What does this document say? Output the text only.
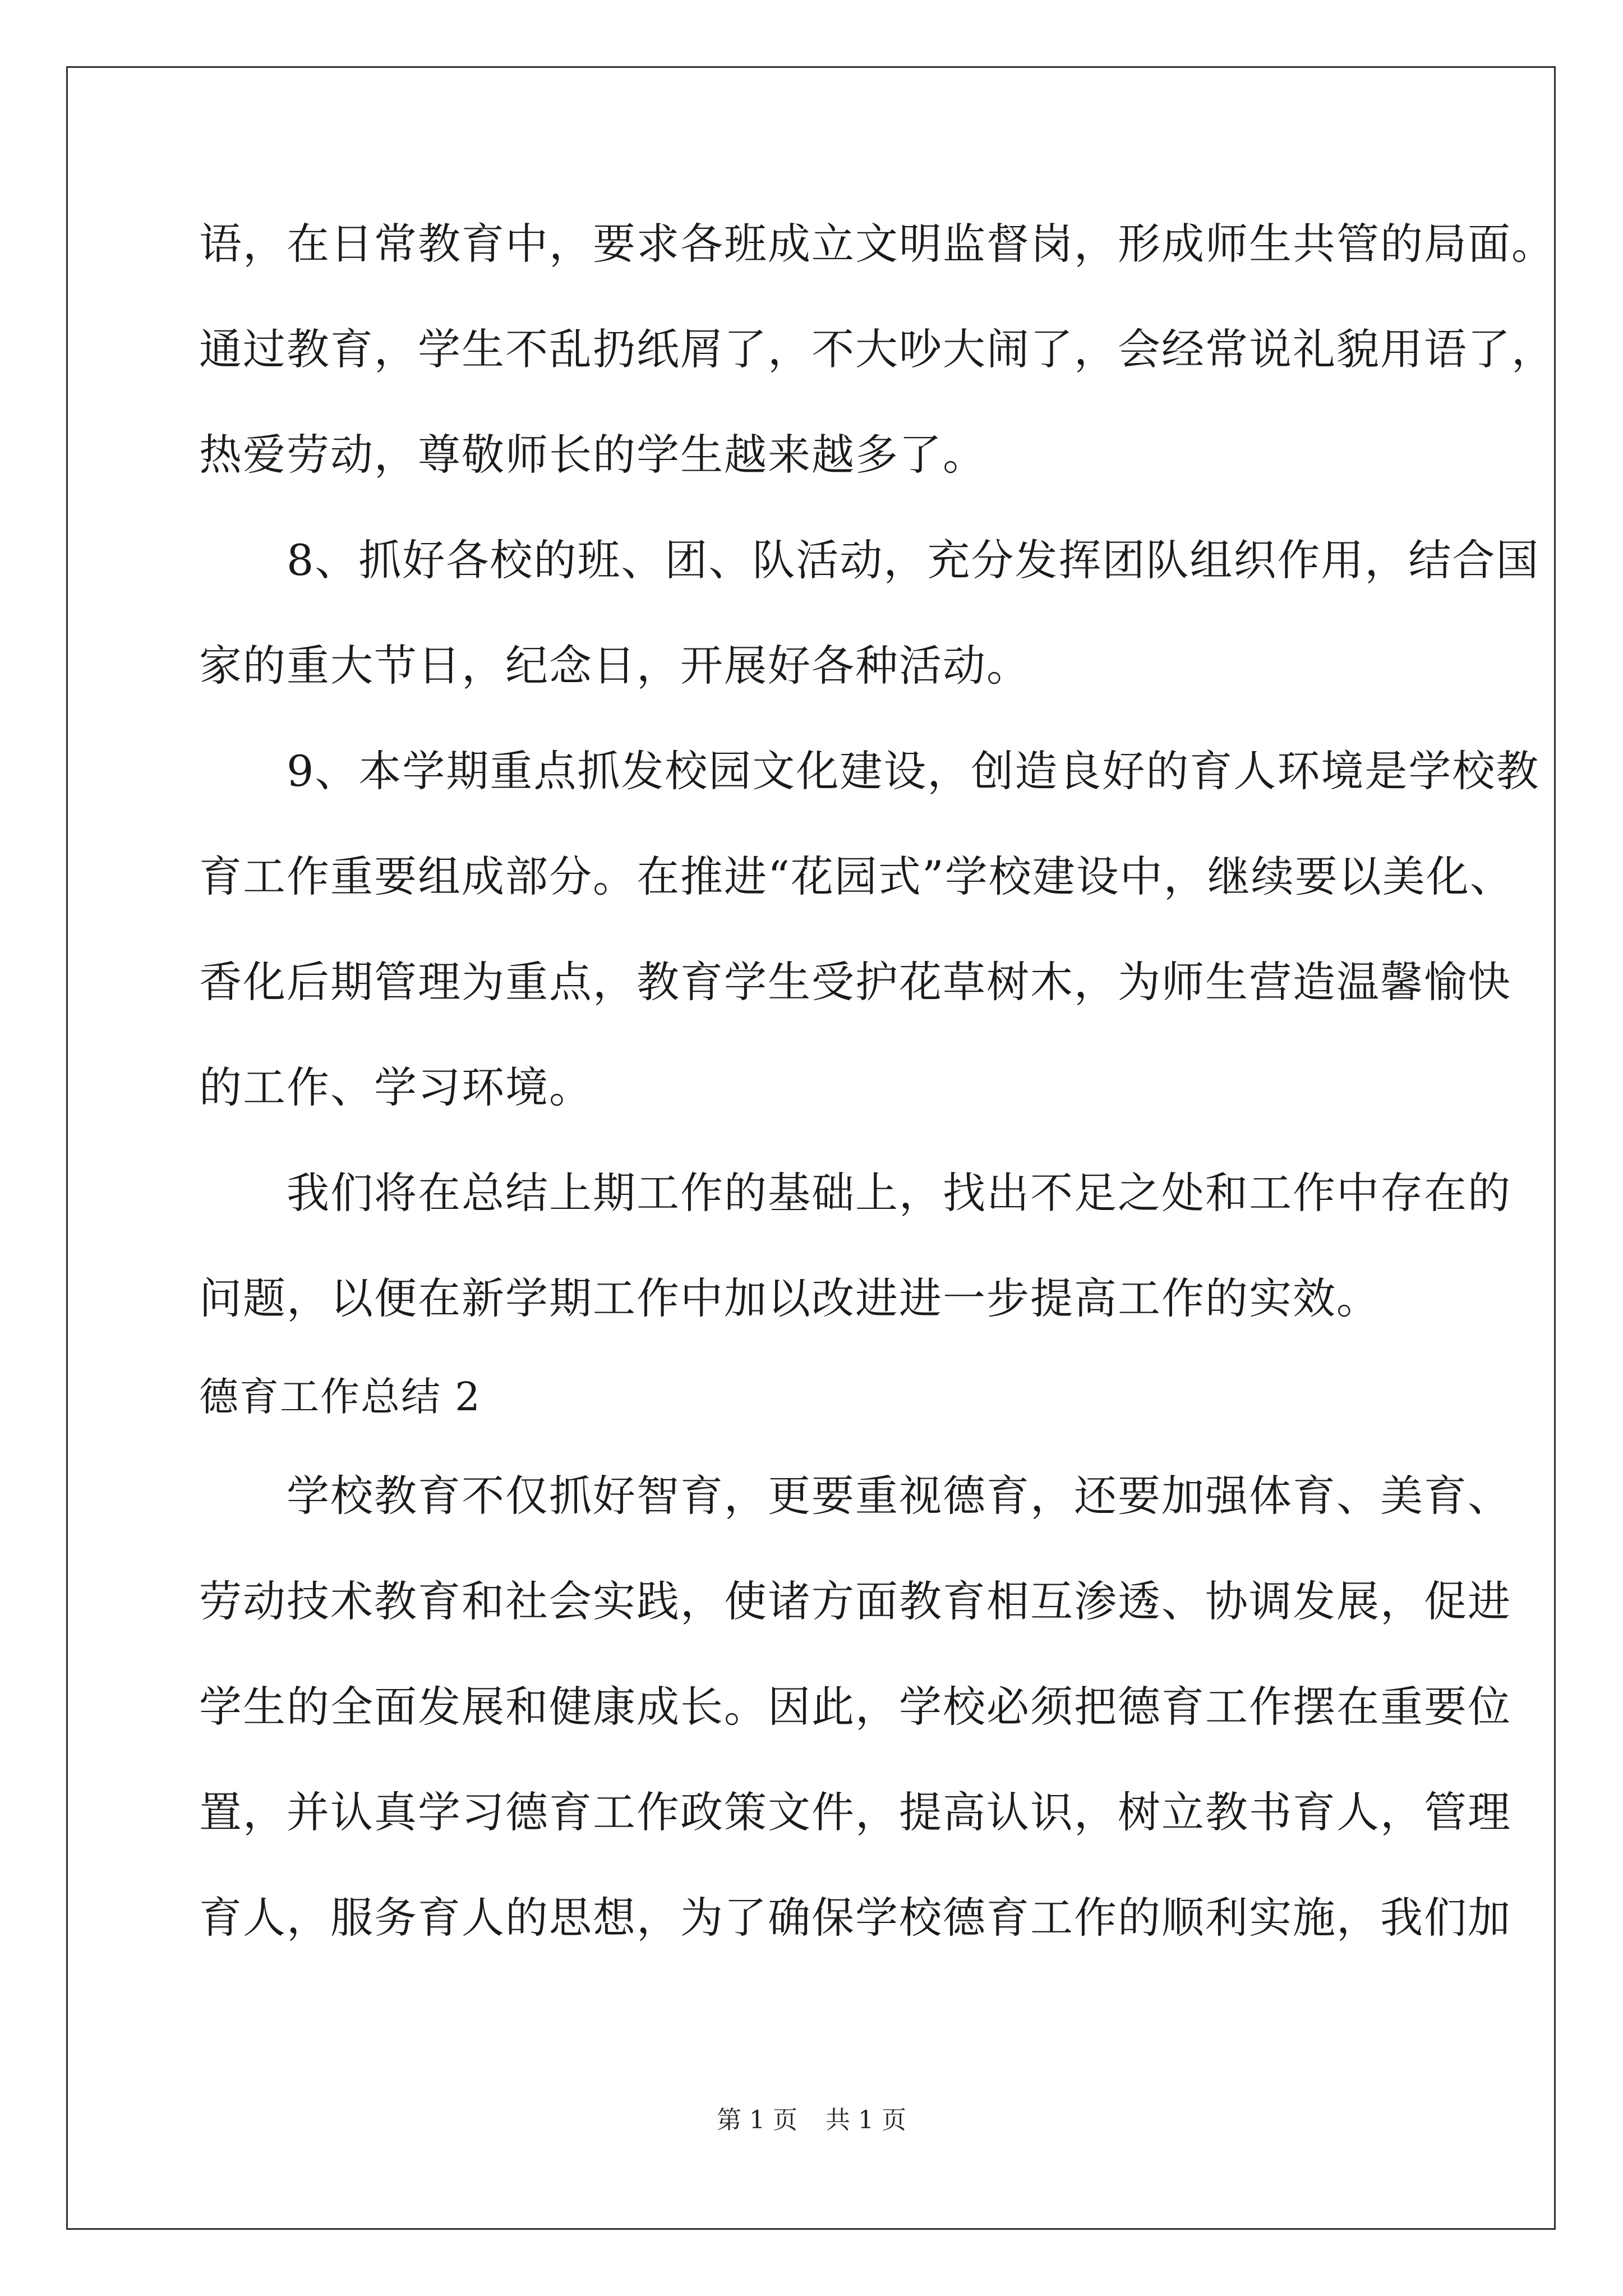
语，在日常教育中，要求各班成立文明监督岗，形成师生共管的局面。
通过教育，学生不乱扔纸屑了，不大吵大闹了，会经常说礼貌用语了，
热爱劳动，尊敬师长的学生越来越多了。
　　8、抓好各校的班、团、队活动，充分发挥团队组织作用，结合国
家的重大节日，纪念日，开展好各种活动。
　　9、本学期重点抓发校园文化建设，创造良好的育人环境是学校教
育工作重要组成部分。在推进“花园式”学校建设中，继续要以美化、
香化后期管理为重点，教育学生受护花草树木，为师生营造温馨愉快
的工作、学习环境。
　　我们将在总结上期工作的基础上，找出不足之处和工作中存在的
问题，以便在新学期工作中加以改进进一步提高工作的实效。
德育工作总结 2
　　学校教育不仅抓好智育，更要重视德育，还要加强体育、美育、
劳动技术教育和社会实践，使诸方面教育相互渗透、协调发展，促进
学生的全面发展和健康成长。因此，学校必须把德育工作摆在重要位
置，并认真学习德育工作政策文件，提高认识，树立教书育人，管理
育人，服务育人的思想，为了确保学校德育工作的顺利实施，我们加
第 1 页 共 1 页
